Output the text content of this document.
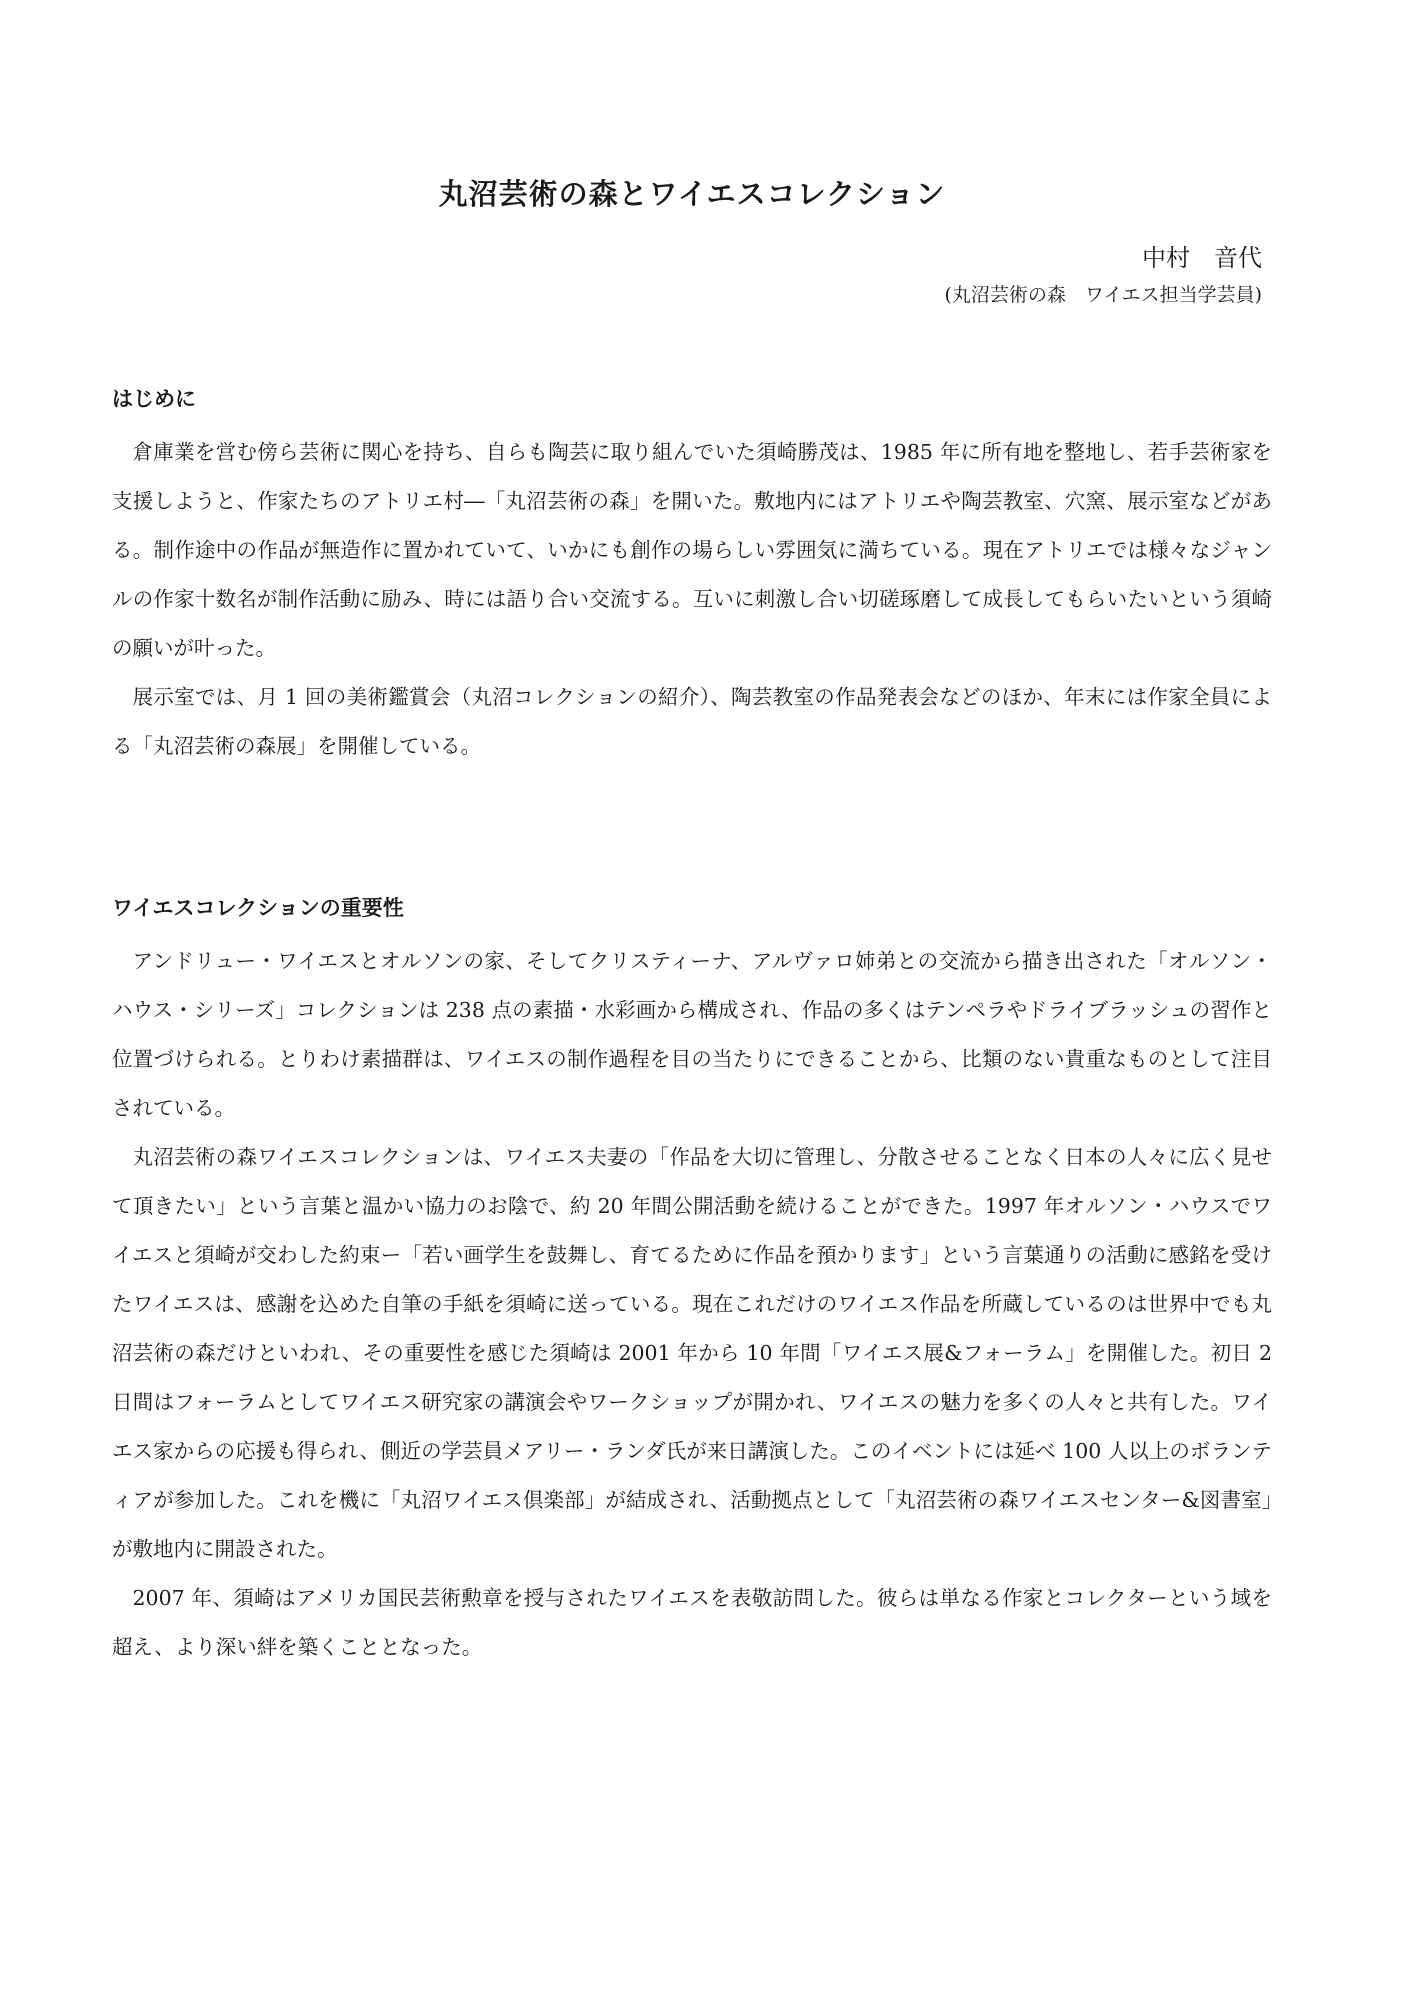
丸沼芸術の森とワイエスコレクション

中村　音代

(丸沼芸術の森　ワイエス担当学芸員)

はじめに

倉庫業を営む傍ら芸術に関心を持ち、自らも陶芸に取り組んでいた須崎勝茂は、1985 年に所有地を整地し、若手芸術家を支援しようと、作家たちのアトリエ村―「丸沼芸術の森」を開いた。敷地内にはアトリエや陶芸教室、穴窯、展示室などがある。制作途中の作品が無造作に置かれていて、いかにも創作の場らしい雰囲気に満ちている。現在アトリエでは様々なジャンルの作家十数名が制作活動に励み、時には語り合い交流する。互いに刺激し合い切磋琢磨して成長してもらいたいという須崎の願いが叶った。

展示室では、月 1 回の美術鑑賞会（丸沼コレクションの紹介）、陶芸教室の作品発表会などのほか、年末には作家全員による「丸沼芸術の森展」を開催している。

ワイエスコレクションの重要性

アンドリュー・ワイエスとオルソンの家、そしてクリスティーナ、アルヴァロ姉弟との交流から描き出された「オルソン・ハウス・シリーズ」コレクションは 238 点の素描・水彩画から構成され、作品の多くはテンペラやドライブラッシュの習作と位置づけられる。とりわけ素描群は、ワイエスの制作過程を目の当たりにできることから、比類のない貴重なものとして注目されている。

丸沼芸術の森ワイエスコレクションは、ワイエス夫妻の「作品を大切に管理し、分散させることなく日本の人々に広く見せて頂きたい」という言葉と温かい協力のお陰で、約 20 年間公開活動を続けることができた。1997 年オルソン・ハウスでワイエスと須崎が交わした約束ー「若い画学生を鼓舞し、育てるために作品を預かります」という言葉通りの活動に感銘を受けたワイエスは、感謝を込めた自筆の手紙を須崎に送っている。現在これだけのワイエス作品を所蔵しているのは世界中でも丸沼芸術の森だけといわれ、その重要性を感じた須崎は 2001 年から 10 年間「ワイエス展&フォーラム」を開催した。初日 2 日間はフォーラムとしてワイエス研究家の講演会やワークショップが開かれ、ワイエスの魅力を多くの人々と共有した。ワイエス家からの応援も得られ、側近の学芸員メアリー・ランダ氏が来日講演した。このイベントには延べ 100 人以上のボランティアが参加した。これを機に「丸沼ワイエス倶楽部」が結成され、活動拠点として「丸沼芸術の森ワイエスセンター&図書室」が敷地内に開設された。

2007 年、須崎はアメリカ国民芸術勲章を授与されたワイエスを表敬訪問した。彼らは単なる作家とコレクターという域を超え、より深い絆を築くこととなった。
